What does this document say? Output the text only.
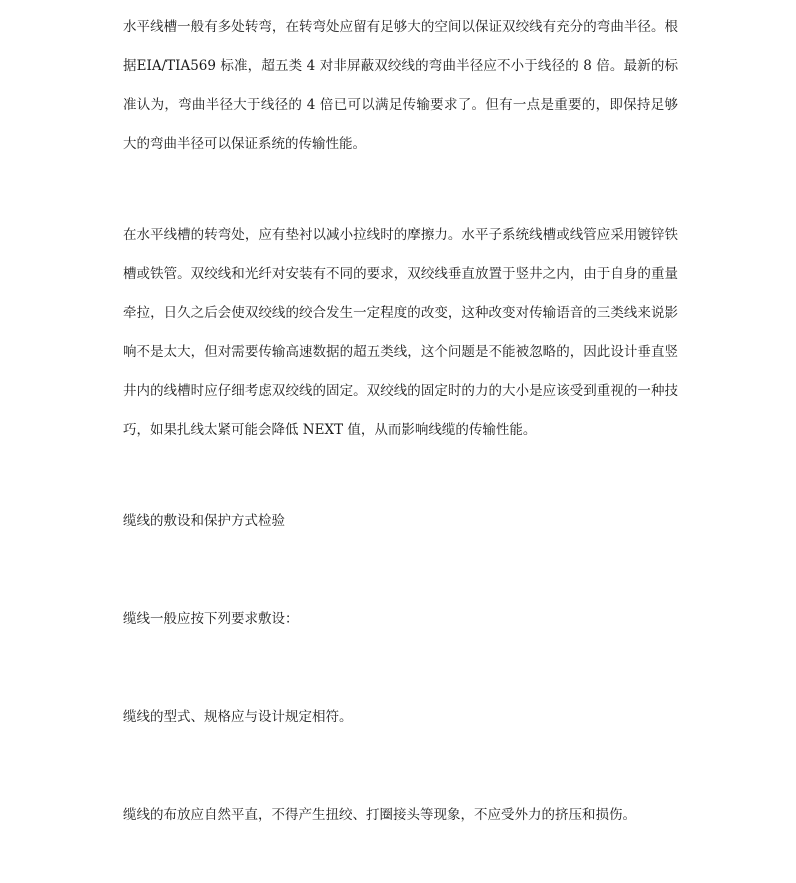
水平线槽一般有多处转弯，在转弯处应留有足够大的空间以保证双绞线有充分的弯曲半径。根据EIA/TIA569 标准，超五类 4 对非屏蔽双绞线的弯曲半径应不小于线径的 8 倍。最新的标准认为，弯曲半径大于线径的 4 倍已可以满足传输要求了。但有一点是重要的，即保持足够大的弯曲半径可以保证系统的传输性能。

在水平线槽的转弯处，应有垫衬以减小拉线时的摩擦力。水平子系统线槽或线管应采用镀锌铁槽或铁管。双绞线和光纤对安装有不同的要求，双绞线垂直放置于竖井之内，由于自身的重量牵拉，日久之后会使双绞线的绞合发生一定程度的改变，这种改变对传输语音的三类线来说影响不是太大，但对需要传输高速数据的超五类线，这个问题是不能被忽略的，因此设计垂直竖井内的线槽时应仔细考虑双绞线的固定。双绞线的固定时的力的大小是应该受到重视的一种技巧，如果扎线太紧可能会降低 NEXT 值，从而影响线缆的传输性能。

缆线的敷设和保护方式检验

缆线一般应按下列要求敷设：

缆线的型式、规格应与设计规定相符。

缆线的布放应自然平直，不得产生扭绞、打圈接头等现象，不应受外力的挤压和损伤。
